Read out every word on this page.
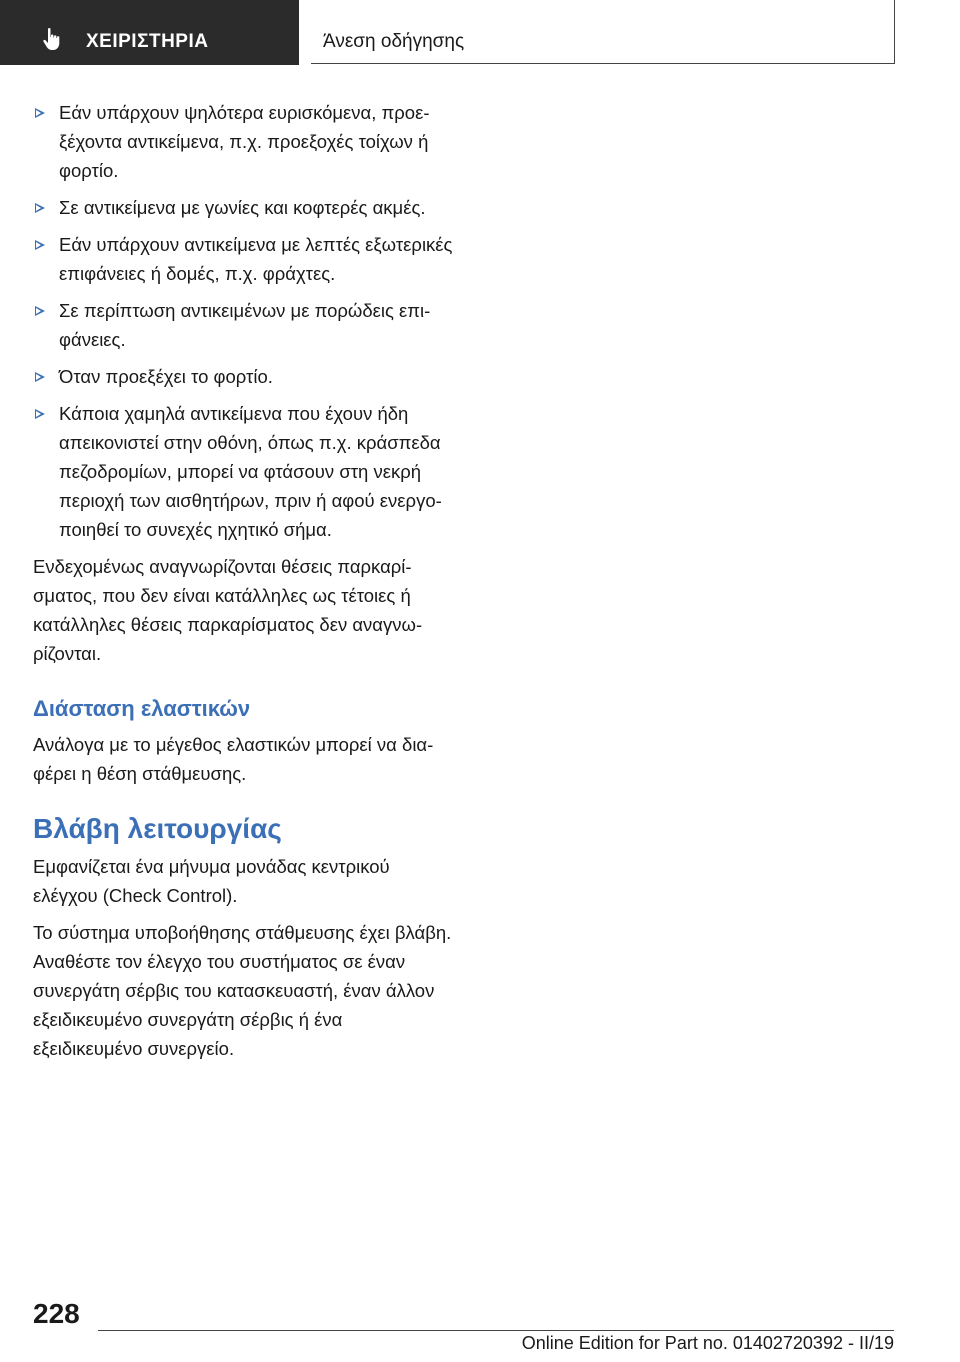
ΧΕΙΡΙΣΤΗΡΙΑ	Άνεση οδήγησης
Εάν υπάρχουν ψηλότερα ευρισκόμενα, προεξέχοντα αντικείμενα, π.χ. προεξοχές τοίχων ή φορτίο.
Σε αντικείμενα με γωνίες και κοφτερές ακμές.
Εάν υπάρχουν αντικείμενα με λεπτές εξωτερικές επιφάνειες ή δομές, π.χ. φράχτες.
Σε περίπτωση αντικειμένων με πορώδεις επιφάνειες.
Όταν προεξέχει το φορτίο.
Κάποια χαμηλά αντικείμενα που έχουν ήδη απεικονιστεί στην οθόνη, όπως π.χ. κράσπεδα πεζοδρομίων, μπορεί να φτάσουν στη νεκρή περιοχή των αισθητήρων, πριν ή αφού ενεργοποιηθεί το συνεχές ηχητικό σήμα.

Ενδεχομένως αναγνωρίζονται θέσεις παρκαρίσματος, που δεν είναι κατάλληλες ως τέτοιες ή κατάλληλες θέσεις παρκαρίσματος δεν αναγνωρίζονται.

Διάσταση ελαστικών

Ανάλογα με το μέγεθος ελαστικών μπορεί να διαφέρει η θέση στάθμευσης.

Βλάβη λειτουργίας

Εμφανίζεται ένα μήνυμα μονάδας κεντρικού ελέγχου (Check Control).

Το σύστημα υποβοήθησης στάθμευσης έχει βλάβη. Αναθέστε τον έλεγχο του συστήματος σε έναν συνεργάτη σέρβις του κατασκευαστή, έναν άλλον εξειδικευμένο συνεργάτη σέρβις ή ένα εξειδικευμένο συνεργείο.

228
Online Edition for Part no. 01402720392 - II/19
